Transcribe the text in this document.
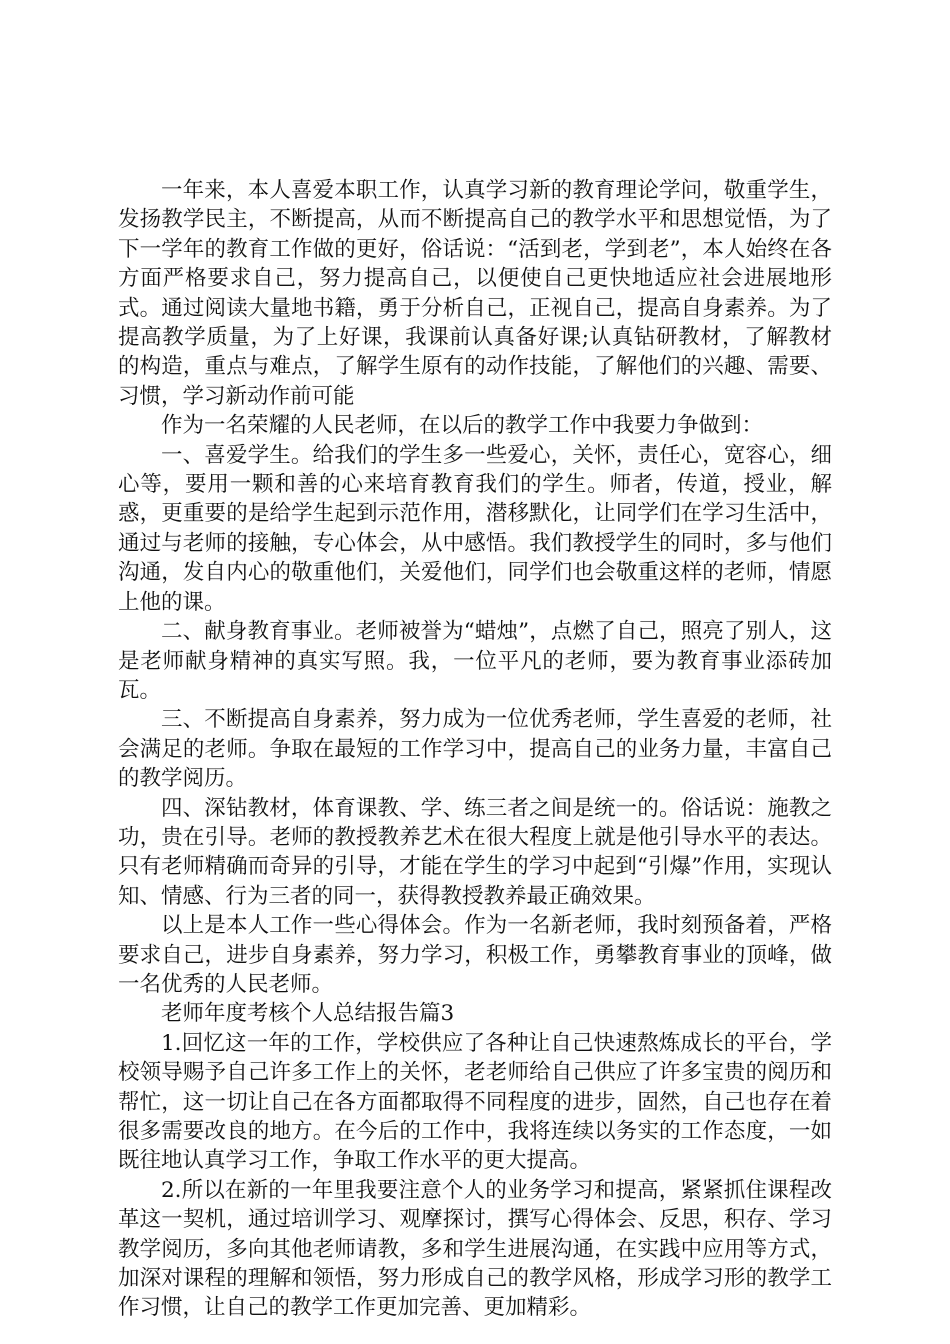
一年来，本人喜爱本职工作，认真学习新的教育理论学问，敬重学生，发扬教学民主，不断提高，从而不断提高自己的教学水平和思想觉悟，为了下一学年的教育工作做的更好，俗话说：“活到老，学到老”，本人始终在各方面严格要求自己，努力提高自己，以便使自己更快地适应社会进展地形式。通过阅读大量地书籍，勇于分析自己，正视自己，提高自身素养。为了提高教学质量，为了上好课，我课前认真备好课;认真钻研教材，了解教材的构造，重点与难点，了解学生原有的动作技能，了解他们的兴趣、需要、习惯，学习新动作前可能

作为一名荣耀的人民老师，在以后的教学工作中我要力争做到：

一、喜爱学生。给我们的学生多一些爱心，关怀，责任心，宽容心，细心等，要用一颗和善的心来培育教育我们的学生。师者，传道，授业，解惑，更重要的是给学生起到示范作用，潜移默化，让同学们在学习生活中，通过与老师的接触，专心体会，从中感悟。我们教授学生的同时，多与他们沟通，发自内心的敬重他们，关爱他们，同学们也会敬重这样的老师，情愿上他的课。

二、献身教育事业。老师被誉为“蜡烛”，点燃了自己，照亮了别人，这是老师献身精神的真实写照。我，一位平凡的老师，要为教育事业添砖加瓦。

三、不断提高自身素养，努力成为一位优秀老师，学生喜爱的老师，社会满足的老师。争取在最短的工作学习中，提高自己的业务力量，丰富自己的教学阅历。

四、深钻教材，体育课教、学、练三者之间是统一的。俗话说：施教之功，贵在引导。老师的教授教养艺术在很大程度上就是他引导水平的表达。只有老师精确而奇异的引导，才能在学生的学习中起到“引爆”作用，实现认知、情感、行为三者的同一，获得教授教养最正确效果。

以上是本人工作一些心得体会。作为一名新老师，我时刻预备着，严格要求自己，进步自身素养，努力学习，积极工作，勇攀教育事业的顶峰，做一名优秀的人民老师。

老师年度考核个人总结报告篇3

1.回忆这一年的工作，学校供应了各种让自己快速熬炼成长的平台，学校领导赐予自己许多工作上的关怀，老老师给自己供应了许多宝贵的阅历和帮忙，这一切让自己在各方面都取得不同程度的进步，固然，自己也存在着很多需要改良的地方。在今后的工作中，我将连续以务实的工作态度，一如既往地认真学习工作，争取工作水平的更大提高。

2.所以在新的一年里我要注意个人的业务学习和提高，紧紧抓住课程改革这一契机，通过培训学习、观摩探讨，撰写心得体会、反思，积存、学习教学阅历，多向其他老师请教，多和学生进展沟通，在实践中应用等方式，加深对课程的理解和领悟，努力形成自己的教学风格，形成学习形的教学工作习惯，让自己的教学工作更加完善、更加精彩。
